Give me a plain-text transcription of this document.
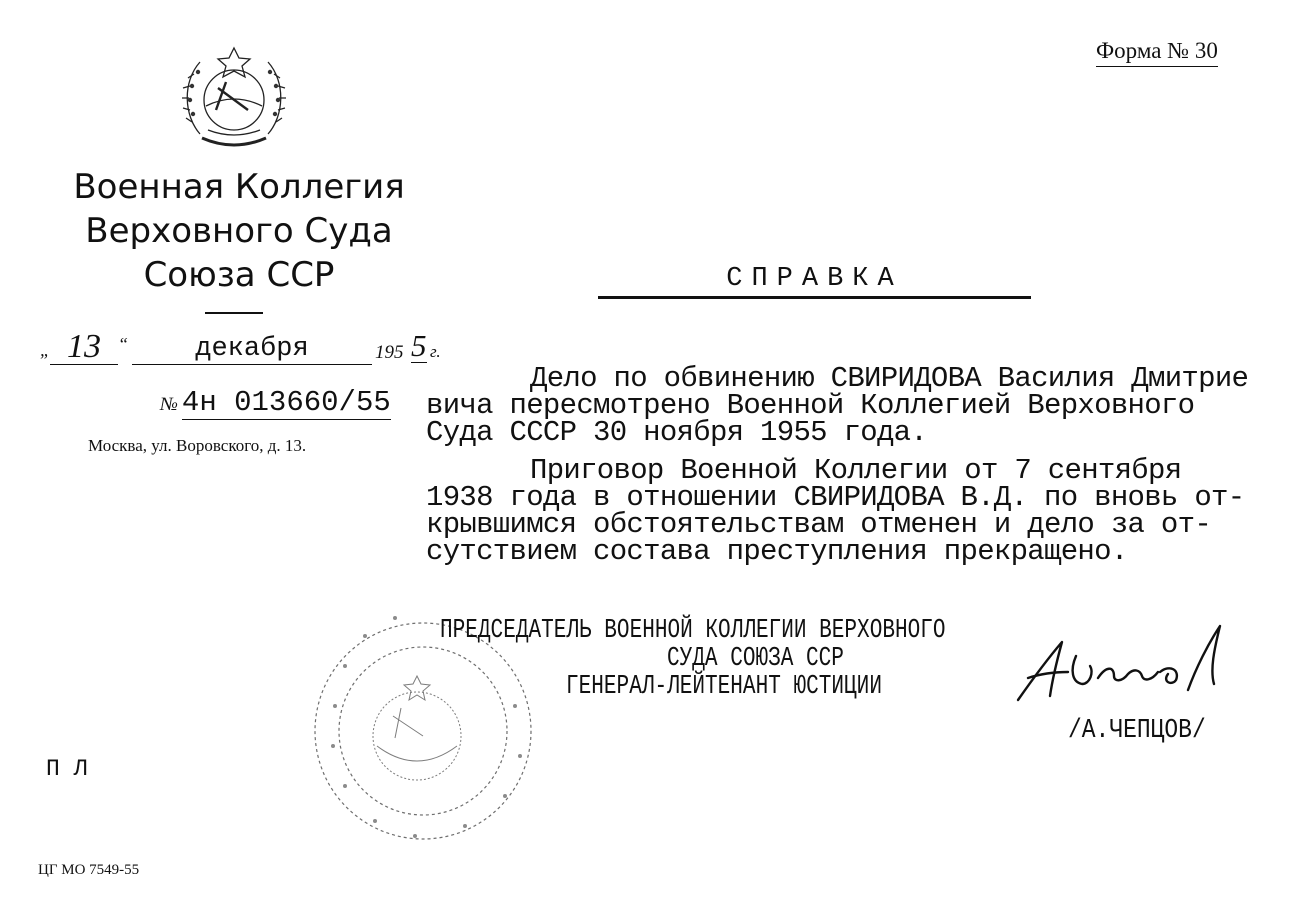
Форма № 30
Военная Коллегия
Верховного Суда
Союза ССР
„ 13 “	декабря	195 5 г.
№ 4н 013660/55
Москва, ул. Воровского, д. 13.
СПРАВКА
Дело по обвинению СВИРИДОВА Василия Дмитрие
вича пересмотрено Военной Коллегией Верховного
Суда СССР 30 ноября 1955 года.
Приговор Военной Коллегии от 7 сентября
1938 года в отношении СВИРИДОВА В.Д. по вновь от-
крывшимся обстоятельствам отменен и дело за от-
сутствием состава преступления прекращено.
ПРЕДСЕДАТЕЛЬ ВОЕННОЙ КОЛЛЕГИИ ВЕРХОВНОГО
СУДА СОЮЗА ССР
ГЕНЕРАЛ-ЛЕЙТЕНАНТ ЮСТИЦИИ
/А.ЧЕПЦОВ/
П Л
ЦГ МО 7549-55
